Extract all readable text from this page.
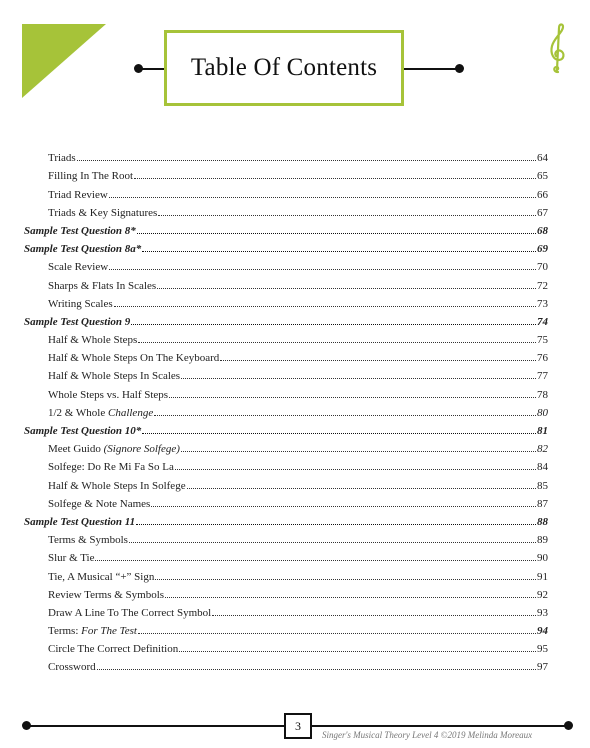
Table Of Contents
Triads	64
Filling In The Root	65
Triad Review	66
Triads & Key Signatures	67
Sample Test Question 8*	68
Sample Test Question 8a*	69
Scale Review	70
Sharps & Flats In Scales	72
Writing Scales	73
Sample Test Question 9	74
Half & Whole Steps	75
Half & Whole Steps On The Keyboard	76
Half & Whole Steps In Scales	77
Whole Steps vs. Half Steps	78
1/2 & Whole Challenge	80
Sample Test Question 10*	81
Meet Guido (Signore Solfege)	82
Solfege: Do Re Mi Fa So La	84
Half & Whole Steps In Solfege	85
Solfege & Note Names	87
Sample Test Question 11	88
Terms & Symbols	89
Slur & Tie	90
Tie, A Musical “+” Sign	91
Review Terms & Symbols	92
Draw A Line To The Correct Symbol	93
Terms: For The Test	94
Circle The Correct Definition	95
Crossword	97
3
Singer's Musical Theory Level 4 ©2019 Melinda Moreaux
